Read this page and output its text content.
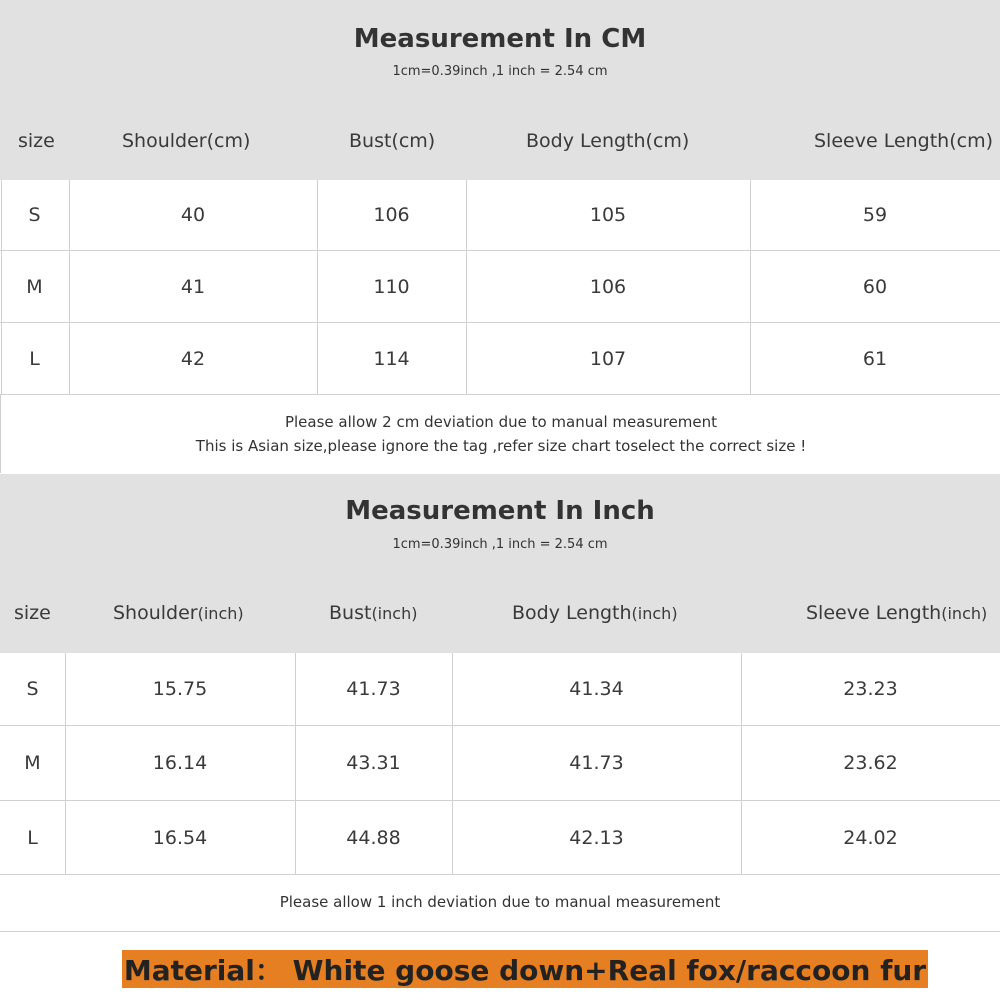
Measurement In CM
1cm=0.39inch ,1 inch = 2.54 cm
size	Shoulder(cm)	Bust(cm)	Body Length(cm)	Sleeve Length(cm)
S	40	106	105	59
M	41	110	106	60
L	42	114	107	61
Please allow 2 cm deviation due to manual measurement
This is Asian size,please ignore the tag ,refer size chart toselect the correct size !
Measurement In Inch
1cm=0.39inch ,1 inch = 2.54 cm
size	Shoulder(inch)	Bust(inch)	Body Length(inch)	Sleeve Length(inch)
S	15.75	41.73	41.34	23.23
M	16.14	43.31	41.73	23.62
L	16.54	44.88	42.13	24.02
Please allow 1 inch deviation due to manual measurement
Material： White goose down+Real fox/raccoon fur
